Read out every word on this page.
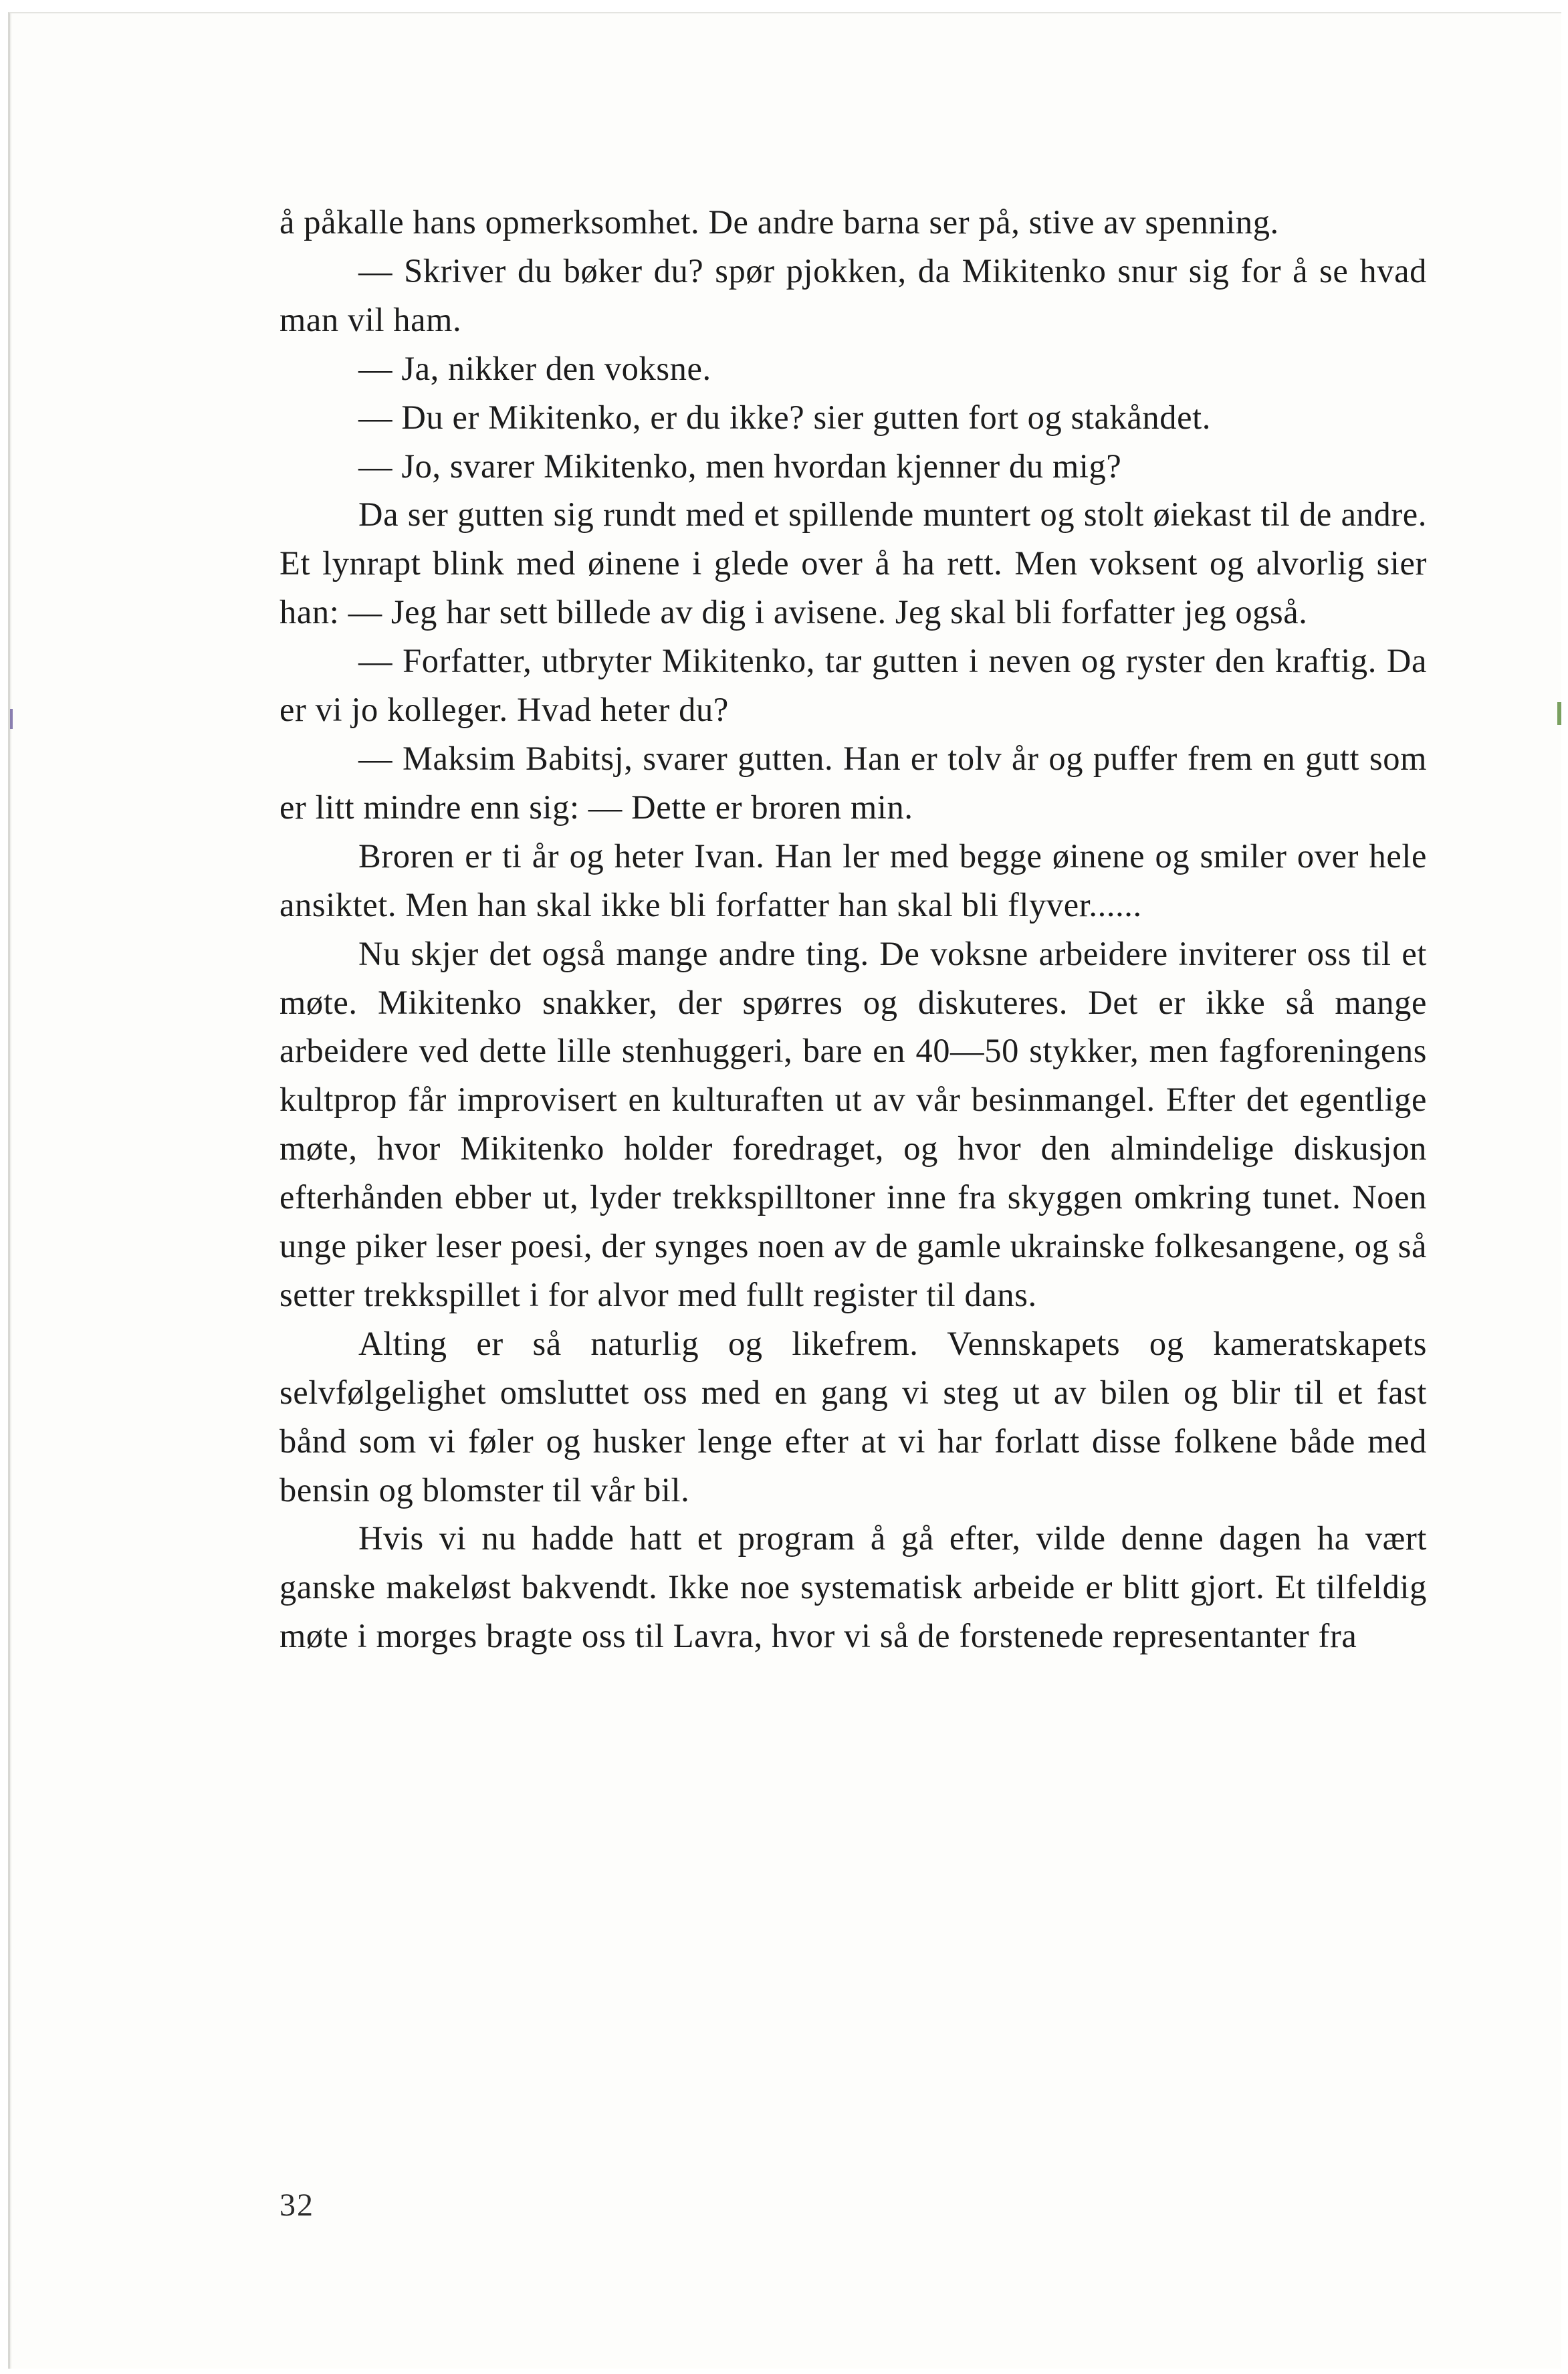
å påkalle hans opmerksomhet. De andre barna ser på, stive av spenning.

— Skriver du bøker du? spør pjokken, da Mikitenko snur sig for å se hvad man vil ham.

— Ja, nikker den voksne.

— Du er Mikitenko, er du ikke? sier gutten fort og stakåndet.

— Jo, svarer Mikitenko, men hvordan kjenner du mig?

Da ser gutten sig rundt med et spillende muntert og stolt øiekast til de andre. Et lynrapt blink med øinene i glede over å ha rett. Men voksent og alvorlig sier han: — Jeg har sett billede av dig i avisene. Jeg skal bli forfatter jeg også.

— Forfatter, utbryter Mikitenko, tar gutten i neven og ryster den kraftig. Da er vi jo kolleger. Hvad heter du?

— Maksim Babitsj, svarer gutten. Han er tolv år og puffer frem en gutt som er litt mindre enn sig: — Dette er broren min.

Broren er ti år og heter Ivan. Han ler med begge øinene og smiler over hele ansiktet. Men han skal ikke bli forfatter han skal bli flyver......

Nu skjer det også mange andre ting. De voksne arbeidere inviterer oss til et møte. Mikitenko snakker, der spørres og diskuteres. Det er ikke så mange arbeidere ved dette lille stenhuggeri, bare en 40—50 stykker, men fagforeningens kultprop får improvisert en kulturaften ut av vår besinmangel. Efter det egentlige møte, hvor Mikitenko holder foredraget, og hvor den almindelige diskusjon efterhånden ebber ut, lyder trekkspilltoner inne fra skyggen omkring tunet. Noen unge piker leser poesi, der synges noen av de gamle ukrainske folkesangene, og så setter trekkspillet i for alvor med fullt register til dans.

Alting er så naturlig og likefrem. Vennskapets og kameratskapets selvfølgelighet omsluttet oss med en gang vi steg ut av bilen og blir til et fast bånd som vi føler og husker lenge efter at vi har forlatt disse folkene både med bensin og blomster til vår bil.

Hvis vi nu hadde hatt et program å gå efter, vilde denne dagen ha vært ganske makeløst bakvendt. Ikke noe systematisk arbeide er blitt gjort. Et tilfeldig møte i morges bragte oss til Lavra, hvor vi så de forstenede representanter fra

32
